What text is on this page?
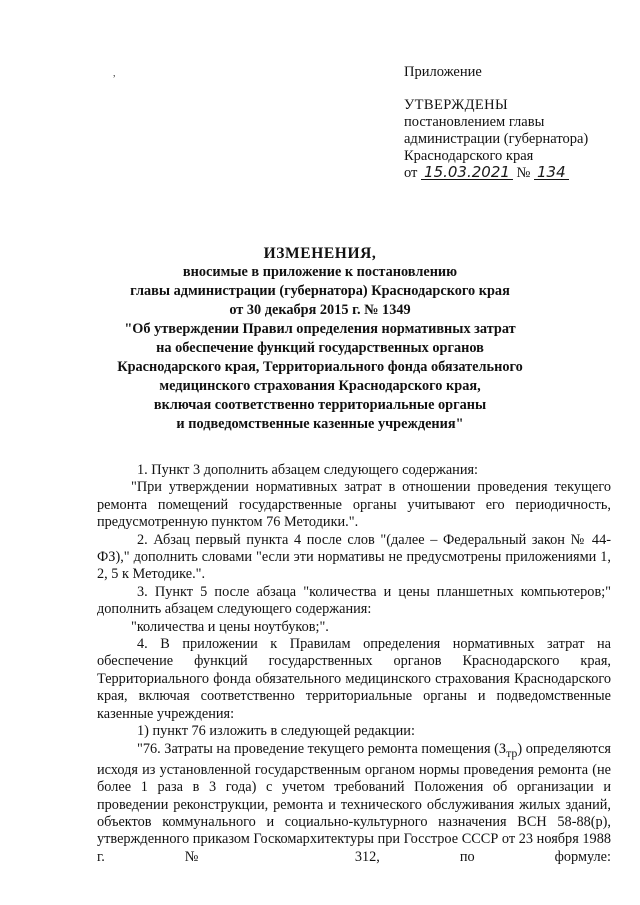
,	Приложение
УТВЕРЖДЕНЫ
постановлением главы
администрации (губернатора)
Краснодарского края
от 15.03.2021 № 134
ИЗМЕНЕНИЯ,
вносимые в приложение к постановлению
главы администрации (губернатора) Краснодарского края
от 30 декабря 2015 г. № 1349
"Об утверждении Правил определения нормативных затрат
на обеспечение функций государственных органов
Краснодарского края, Территориального фонда обязательного
медицинского страхования Краснодарского края,
включая соответственно территориальные органы
и подведомственные казенные учреждения"

1. Пункт 3 дополнить абзацем следующего содержания:

"При утверждении нормативных затрат в отношении проведения текущего ремонта помещений государственные органы учитывают его периодичность, предусмотренную пунктом 76 Методики.".

2. Абзац первый пункта 4 после слов "(далее – Федеральный закон № 44-ФЗ)," дополнить словами "если эти нормативы не предусмотрены приложениями 1, 2, 5 к Методике.".

3. Пункт 5 после абзаца "количества и цены планшетных компьютеров;" дополнить абзацем следующего содержания:

"количества и цены ноутбуков;".

4. В приложении к Правилам определения нормативных затрат на обеспечение функций государственных органов Краснодарского края, Территориального фонда обязательного медицинского страхования Краснодарского края, включая соответственно территориальные органы и подведомственные казенные учреждения:

1) пункт 76 изложить в следующей редакции:

"76. Затраты на проведение текущего ремонта помещения $(З_{тр})$ определяются исходя из установленной государственным органом нормы проведения ремонта (не более 1 раза в 3 года) с учетом требований Положения об организации и проведении реконструкции, ремонта и технического обслуживания жилых зданий, объектов коммунального и социально-культурного назначения ВСН 58-88(р), утвержденного приказом Госкомархитектуры при Госстрое СССР от 23 ноября 1988 г. № 312, по формуле:
